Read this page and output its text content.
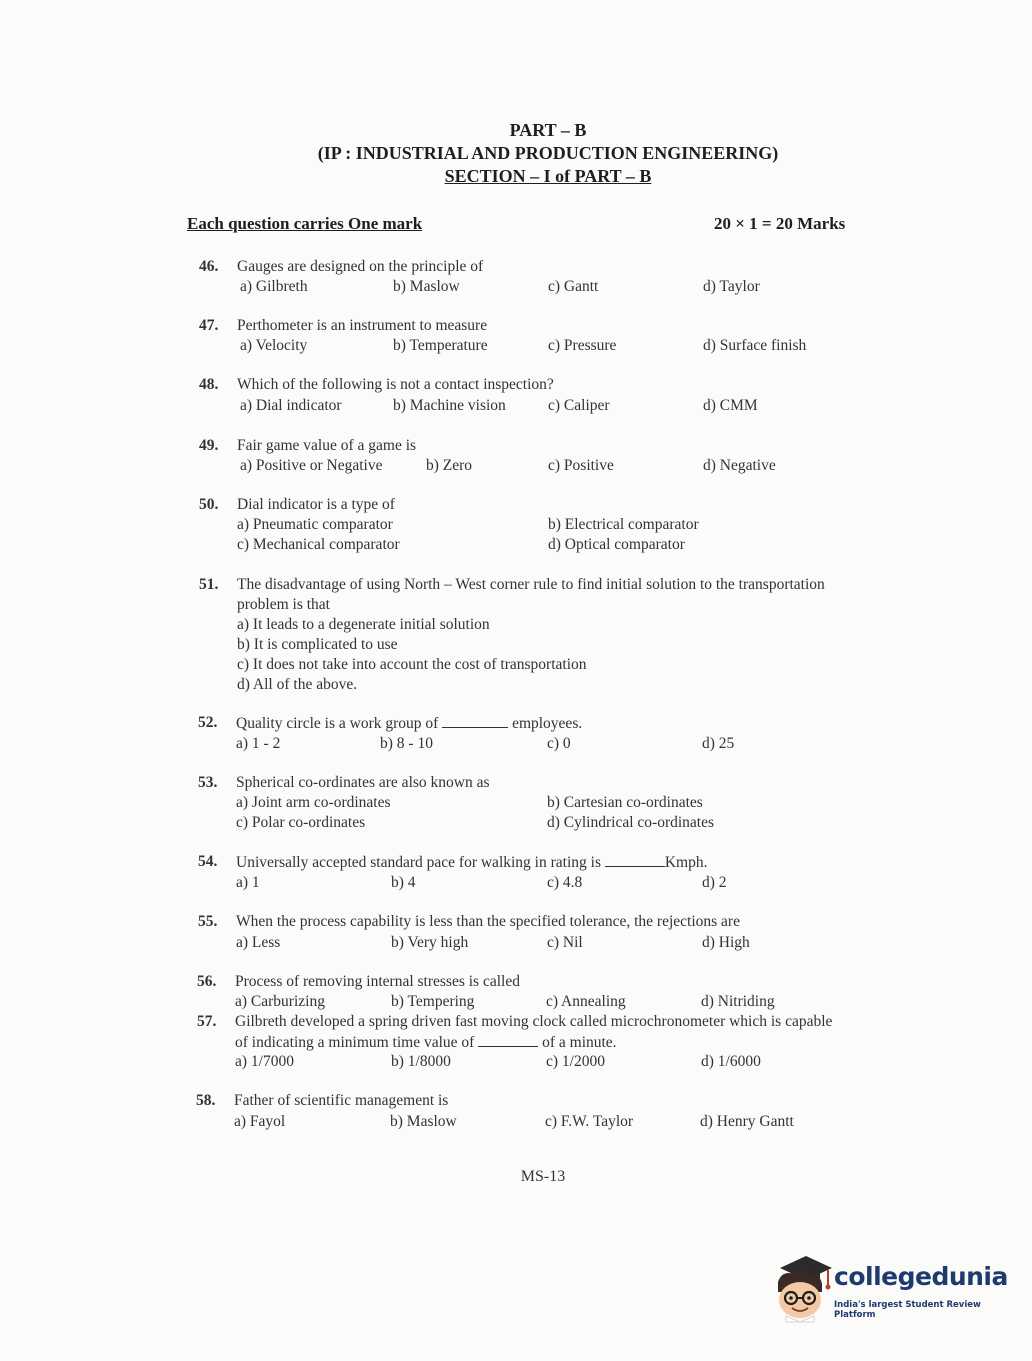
PART – B
(IP : INDUSTRIAL AND PRODUCTION ENGINEERING)
SECTION – I of PART – B
Each question carries One mark	20 × 1 = 20 Marks
46. Gauges are designed on the principle of
a) Gilbreth	b) Maslow	c) Gantt	d) Taylor
47. Perthometer is an instrument to measure
a) Velocity	b) Temperature	c) Pressure	d) Surface finish
48. Which of the following is not a contact inspection?
a) Dial indicator	b) Machine vision	c) Caliper	d) CMM
49. Fair game value of a game is
a) Positive or Negative	b) Zero	c) Positive	d) Negative
50. Dial indicator is a type of
a) Pneumatic comparator	b) Electrical comparator
c) Mechanical comparator	d) Optical comparator
51. The disadvantage of using North – West corner rule to find initial solution to the transportation
problem is that
a) It leads to a degenerate initial solution
b) It is complicated to use
c) It does not take into account the cost of transportation
d) All of the above.
52. Quality circle is a work group of	employees.
a) 1 - 2	b) 8 - 10	c) 0	d) 25
53. Spherical co-ordinates are also known as
a) Joint arm co-ordinates	b) Cartesian co-ordinates
c) Polar co-ordinates	d) Cylindrical co-ordinates
54. Universally accepted standard pace for walking in rating is	Kmph.
a) 1	b) 4	c) 4.8	d) 2
55. When the process capability is less than the specified tolerance, the rejections are
a) Less	b) Very high	c) Nil	d) High
56. Process of removing internal stresses is called
a) Carburizing	b) Tempering	c) Annealing	d) Nitriding
57. Gilbreth developed a spring driven fast moving clock called microchronometer which is capable
of indicating a minimum time value of	of a minute.
a) 1/7000	b) 1/8000	c) 1/2000	d) 1/6000
58. Father of scientific management is
a) Fayol	b) Maslow	c) F.W. Taylor	d) Henry Gantt
MS-13
collegedunia
India's largest Student Review Platform
